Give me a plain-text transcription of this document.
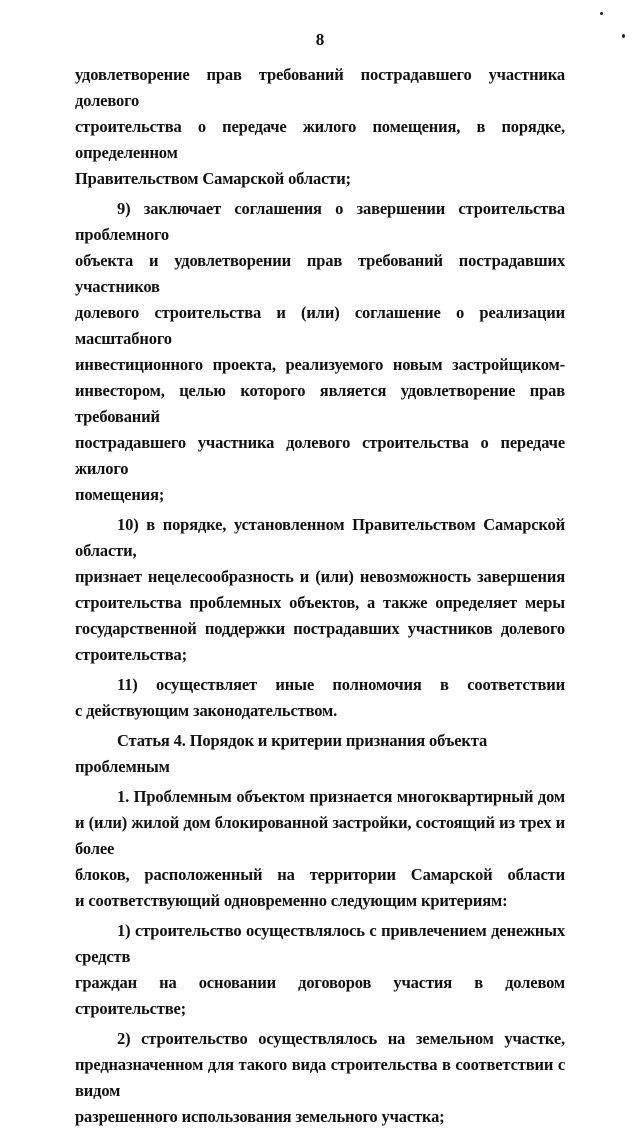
8

удовлетворение прав требований пострадавшего участника долевого

строительства о передаче жилого помещения, в порядке, определенном

Правительством Самарской области;

9) заключает соглашения о завершении строительства проблемного

объекта и удовлетворении прав требований пострадавших участников

долевого строительства и (или) соглашение о реализации масштабного

инвестиционного проекта, реализуемого новым застройщиком-

инвестором, целью которого является удовлетворение прав требований

пострадавшего участника долевого строительства о передаче жилого

помещения;

10) в порядке, установленном Правительством Самарской области,

признает нецелесообразность и (или) невозможность завершения

строительства проблемных объектов, а также определяет меры

государственной поддержки пострадавших участников долевого

строительства;

11) осуществляет иные полномочия в соответствии

с действующим законодательством.

Статья 4. Порядок и критерии признания объекта проблемным

1. Проблемным объектом признается многоквартирный дом

и (или) жилой дом блокированной застройки, состоящий из трех и более

блоков, расположенный на территории Самарской области

и соответствующий одновременно следующим критериям:

1) строительство осуществлялось с привлечением денежных средств

граждан на основании договоров участия в долевом строительстве;

2) строительство осуществлялось на земельном участке,

предназначенном для такого вида строительства в соответствии с видом

разрешенного использования земельного участка;
